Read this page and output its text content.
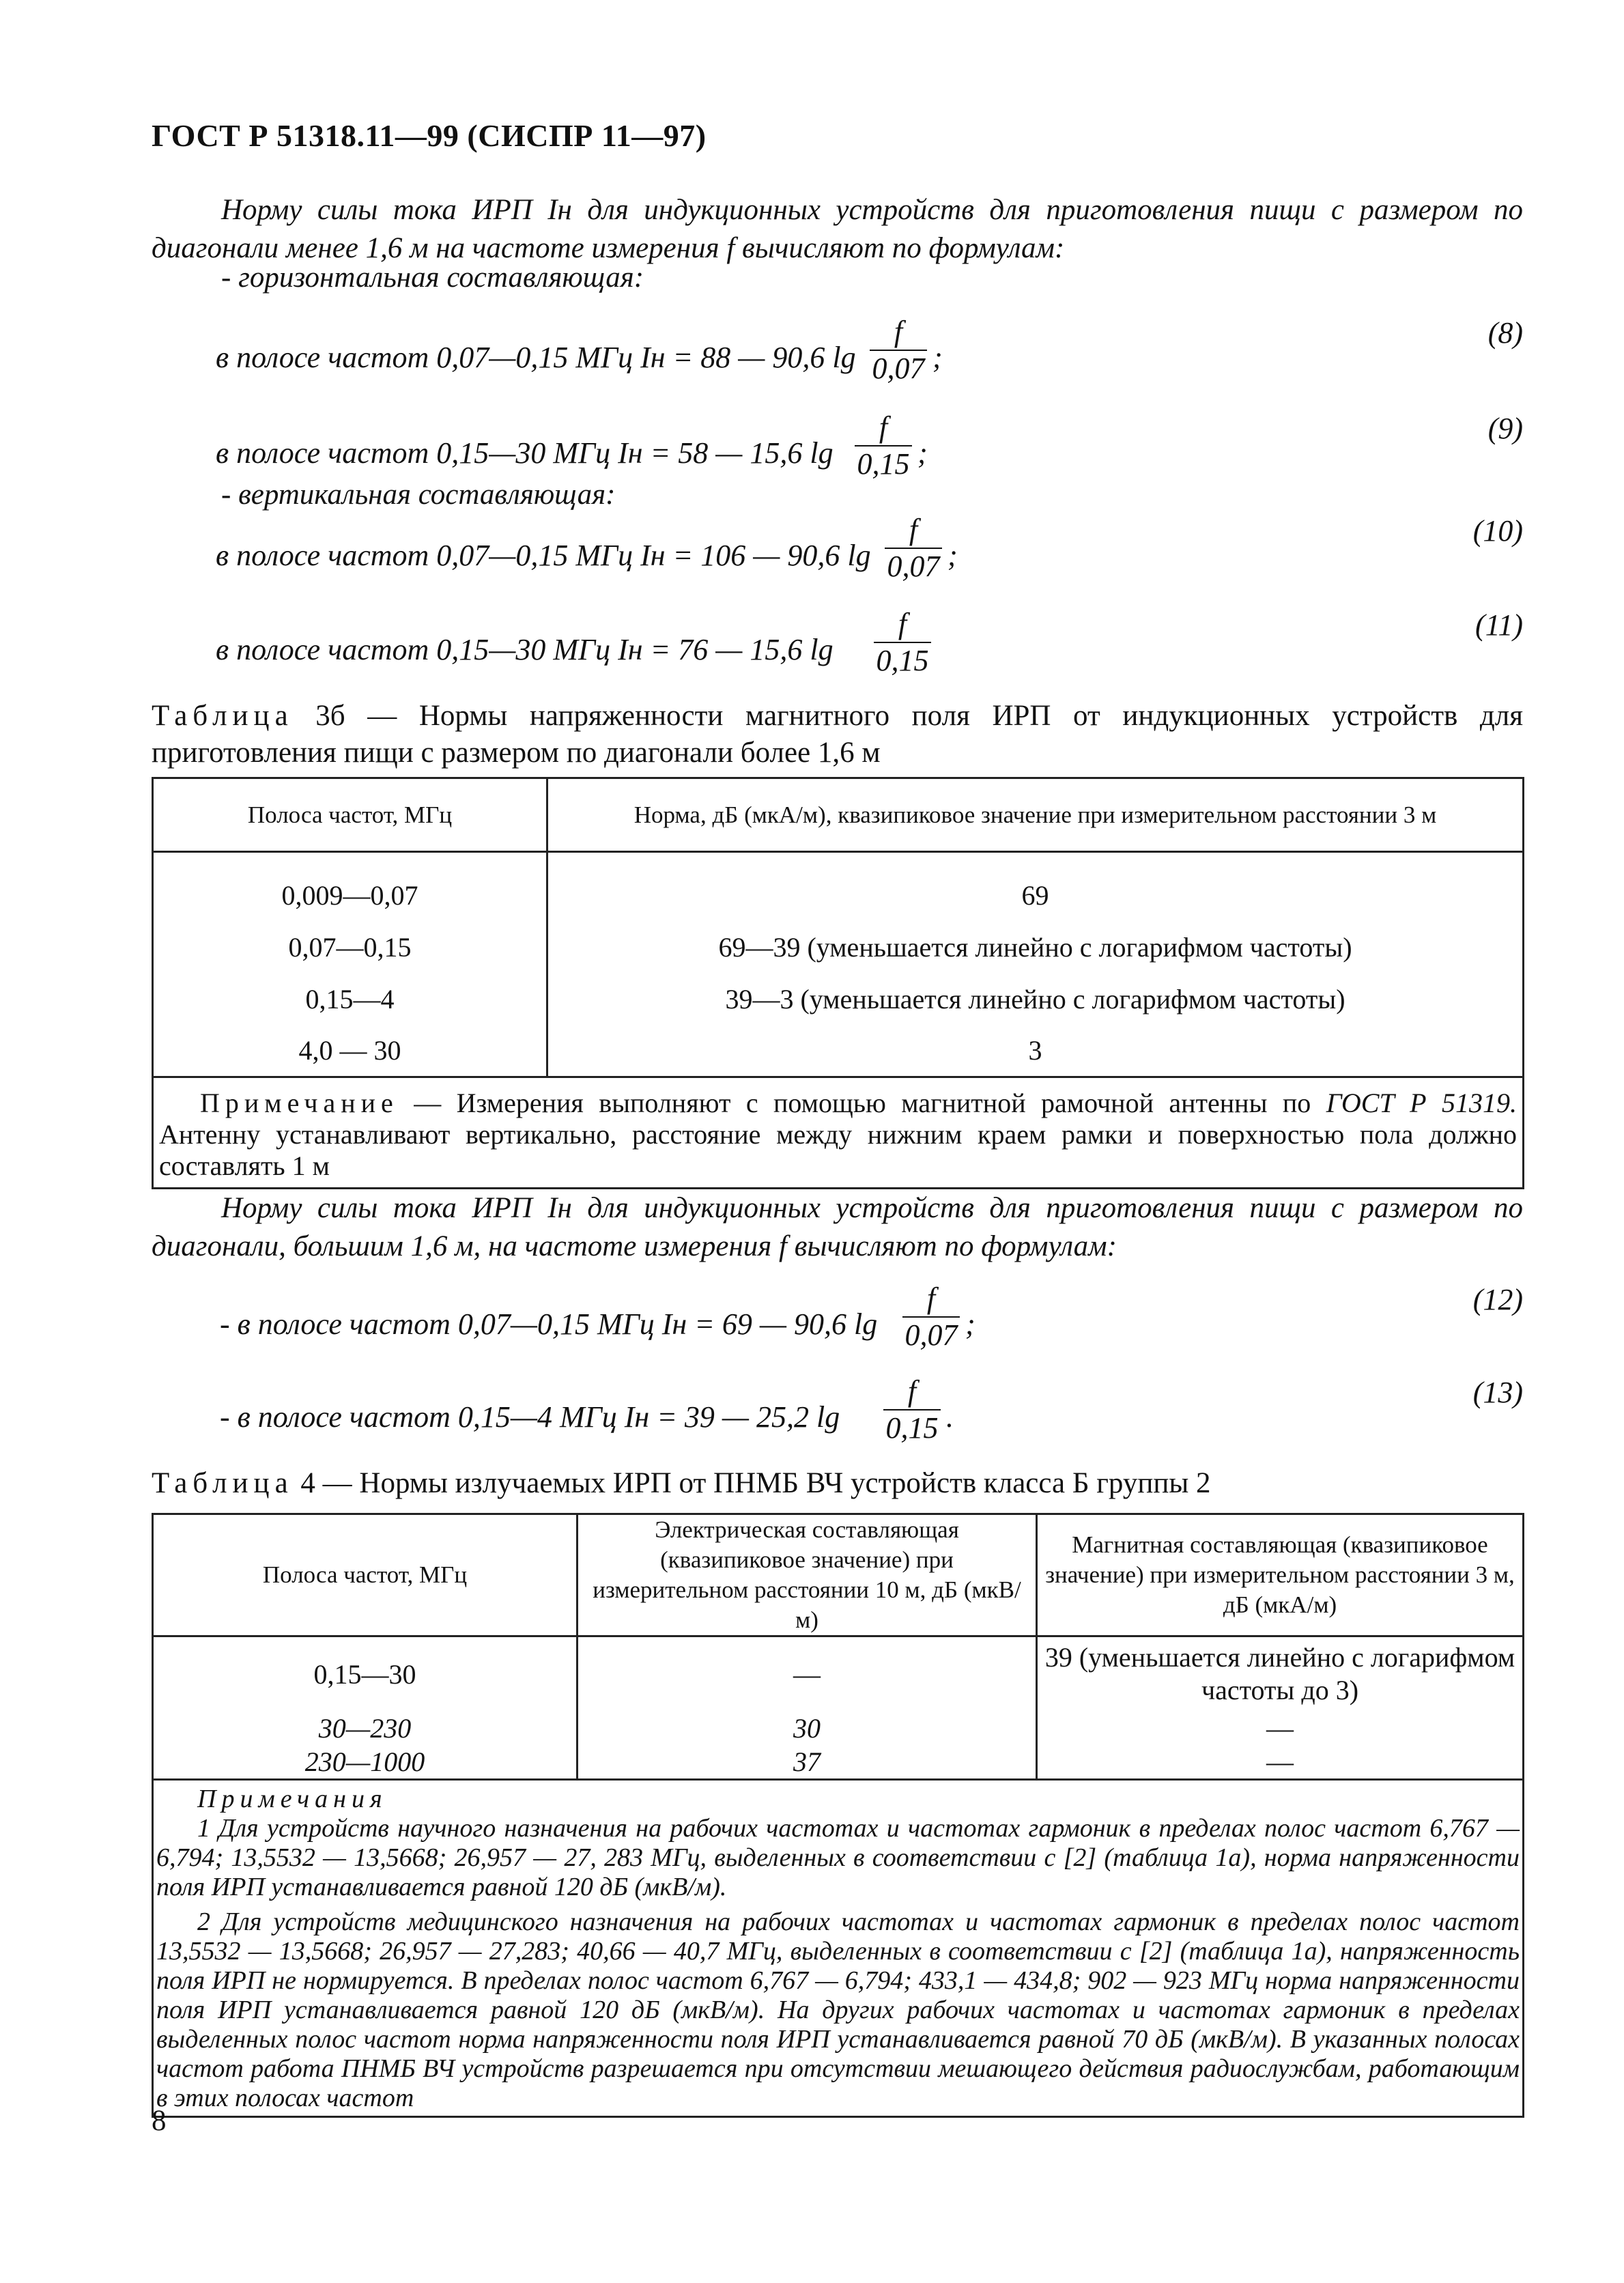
ГОСТ Р 51318.11—99 (СИСПР 11—97)
Норму силы тока ИРП Iн для индукционных устройств для приготовления пищи с размером по диагонали менее 1,6 м на частоте измерения f вычисляют по формулам:
- горизонтальная составляющая:
в полосе частот 0,07—0,15 МГц Iн = 88 — 90,6 lg
f
0,07 ;
(8)
в полосе частот 0,15—30 МГц Iн = 58 — 15,6 lg
f
0,15 ;
(9)
- вертикальная составляющая:
в полосе частот 0,07—0,15 МГц Iн = 106 — 90,6 lg
f
0,07 ;
(10)
в полосе частот 0,15—30 МГц Iн = 76 — 15,6 lg
f
0,15
(11)
Таблица 3б — Нормы напряженности магнитного поля ИРП от индукционных устройств для приготовления пищи с размером по диагонали более 1,6 м
Полоса частот, МГц	Норма, дБ (мкА/м), квазипиковое значение при измерительном расстоянии 3 м

0,009—0,07	69
0,07—0,15	69—39 (уменьшается линейно с логарифмом частоты)
0,15—4	39—3 (уменьшается линейно с логарифмом частоты)
4,0 — 30	3
Примечание — Измерения выполняют с помощью магнитной рамочной антенны по ГОСТ Р 51319. Антенну устанавливают вертикально, расстояние между нижним краем рамки и поверхностью пола должно составлять 1 м	
Норму силы тока ИРП Iн для индукционных устройств для приготовления пищи с размером по диагонали, большим 1,6 м, на частоте измерения f вычисляют по формулам:
- в полосе частот 0,07—0,15 МГц Iн = 69 — 90,6 lg
f
0,07 ;
(12)
- в полосе частот 0,15—4 МГц Iн = 39 — 25,2 lg
f
0,15 .
(13)
Таблица 4 — Нормы излучаемых ИРП от ПНМБ ВЧ устройств класса Б группы 2
Полоса частот, МГц	Электрическая составляющая (квазипиковое значение) при измерительном расстоянии 10 м, дБ (мкВ/м)	Магнитная составляющая (квазипиковое значение) при измерительном расстоянии 3 м, дБ (мкА/м)
0,15—30	—	39 (уменьшается линейно с логарифмом частоты до 3)
30—230	30	—
230—1000	37	—

Примечания
1 Для устройств научного назначения на рабочих частотах и частотах гармоник в пределах полос частот 6,767 — 6,794; 13,5532 — 13,5668; 26,957 — 27, 283 МГц, выделенных в соответствии с [2] (таблица 1а), норма напряженности поля ИРП устанавливается равной 120 дБ (мкВ/м).
2 Для устройств медицинского назначения на рабочих частотах и частотах гармоник в пределах полос частот 13,5532 — 13,5668; 26,957 — 27,283; 40,66 — 40,7 МГц, выделенных в соответствии с [2] (таблица 1а), напряженность поля ИРП не нормируется. В пределах полос частот 6,767 — 6,794; 433,1 — 434,8; 902 — 923 МГц норма напряженности поля ИРП устанавливается равной 120 дБ (мкВ/м). На других рабочих частотах и частотах гармоник в пределах выделенных полос частот норма напряженности поля ИРП устанавливается равной 70 дБ (мкВ/м). В указанных полосах частот работа ПНМБ ВЧ устройств разрешается при отсутствии мешающего действия радиослужбам, работающим в этих полосах частот		
8
